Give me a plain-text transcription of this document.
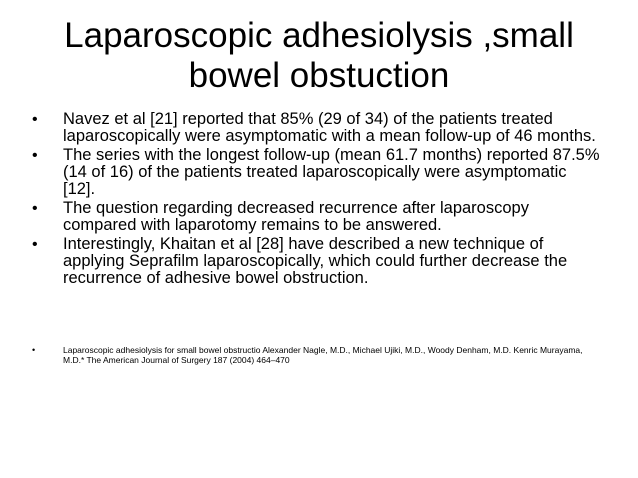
Laparoscopic adhesiolysis ,small
bowel obstuction
• Navez et al [21] reported that 85% (29 of 34) of the patients treated laparoscopically were asymptomatic with a mean follow-up of 46 months.
• The series with the longest follow-up (mean 61.7 months) reported 87.5% (14 of 16) of the patients treated laparoscopically were asymptomatic [12].
• The question regarding decreased recurrence after laparoscopy compared with laparotomy remains to be answered.
• Interestingly, Khaitan et al [28] have described a new technique of applying Seprafilm laparoscopically, which could further decrease the recurrence of adhesive bowel obstruction.
•	Laparoscopic adhesiolysis for small bowel obstructio Alexander Nagle, M.D., Michael Ujiki, M.D., Woody Denham, M.D. Kenric Murayama, M.D.* The American Journal of Surgery 187 (2004) 464–470
